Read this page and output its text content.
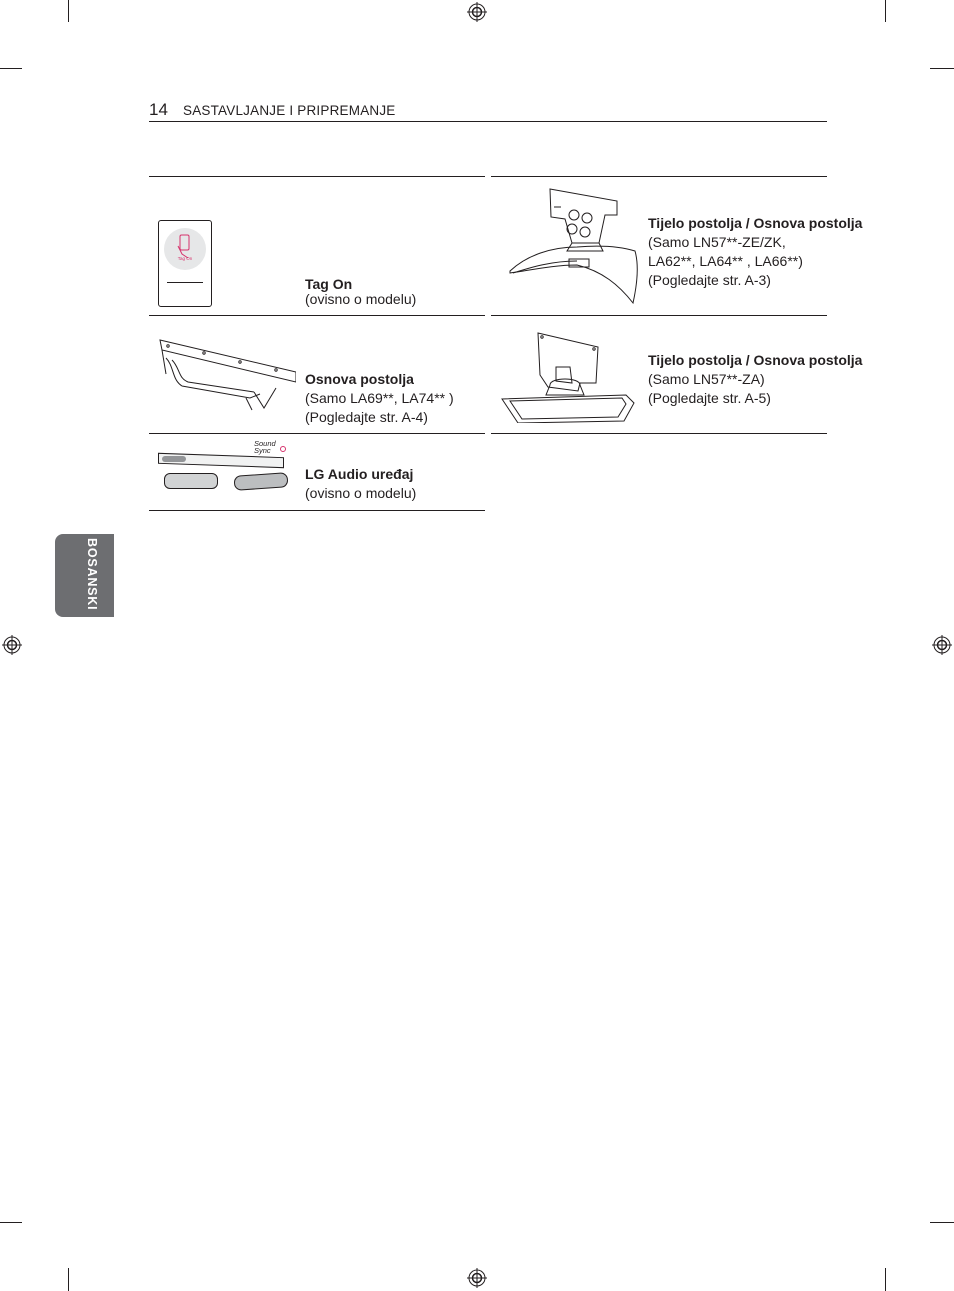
14 SASTAVLJANJE I PRIPREMANJE
Tag On
Tag On
(ovisno o modelu)
Tijelo postolja / Osnova postolja
(Samo LN57**-ZE/ZK,
LA62**, LA64** , LA66**)
(Pogledajte str. A-3)
Osnova postolja
(Samo LA69**, LA74** )
(Pogledajte str. A-4)
Tijelo postolja / Osnova postolja
(Samo LN57**-ZA)
(Pogledajte str. A-5)
Sound Sync
LG Audio uređaj
(ovisno o modelu)
BOSANSKI
